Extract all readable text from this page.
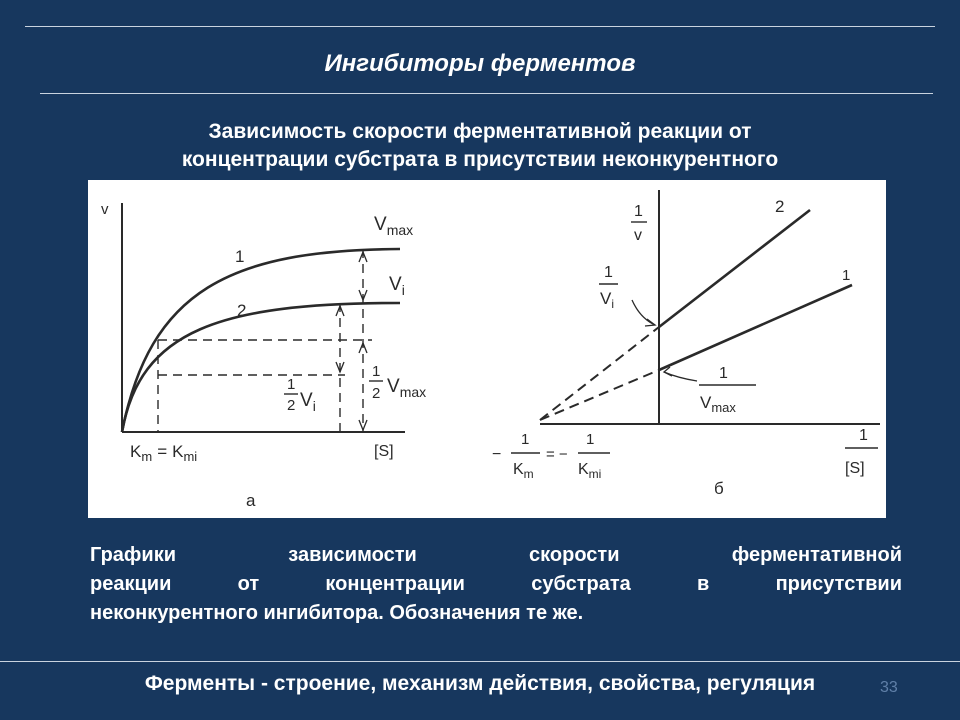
Ингибиторы ферментов
Зависимость скорости ферментативной реакции от
концентрации субстрата в присутствии неконкурентного
v
1
2
$V_{max}$
$V_i$
1
2 $V_i$
1
2 $V_{max}$
[S]
$K_m = K_{mi}$
а
1
v
2
1
1
$V_i$
1
$V_{max}$
1
[S]
−
1
$K_m$
= −
1
$K_{mi}$
б
Графики зависимости скорости ферментативной
реакции от концентрации субстрата в присутствии
неконкурентного ингибитора. Обозначения те же.
33
Ферменты - строение, механизм действия, свойства, регуляция
